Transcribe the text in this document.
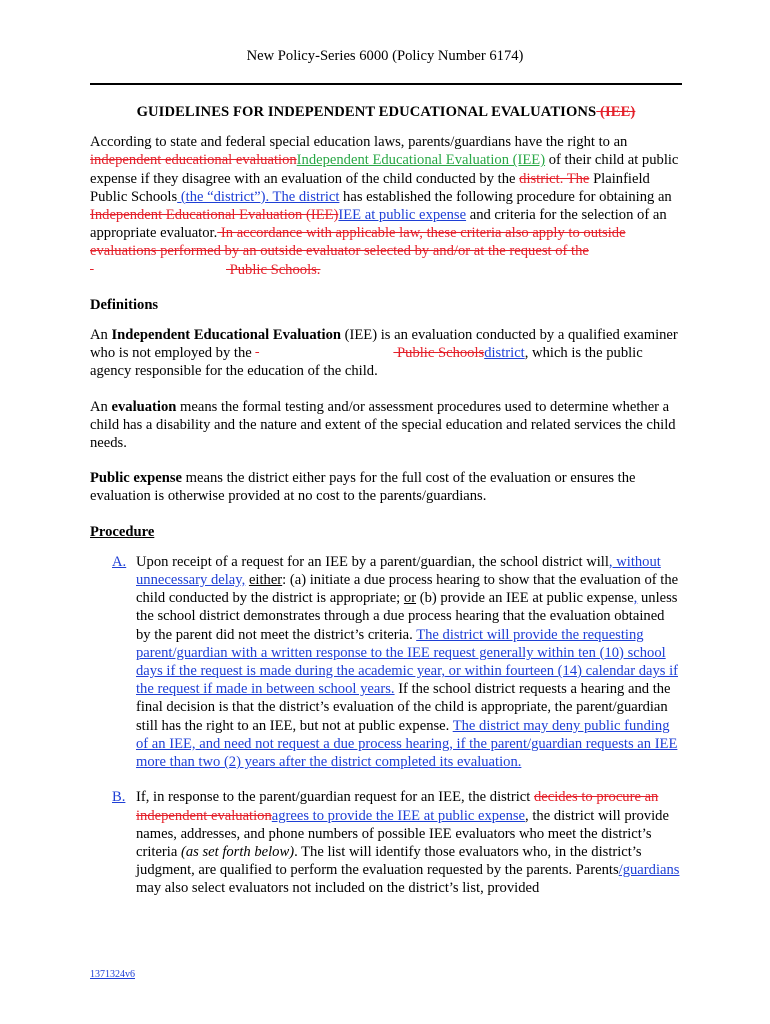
New Policy-Series 6000 (Policy Number 6174)
GUIDELINES FOR INDEPENDENT EDUCATIONAL EVALUATIONS (IEE)

According to state and federal special education laws, parents/guardians have the right to an independent educational evaluationIndependent Educational Evaluation (IEE) of their child at public expense if they disagree with an evaluation of the child conducted by the district. The Plainfield Public Schools (the “district”). The district has established the following procedure for obtaining an Independent Educational Evaluation (IEE)IEE at public expense and criteria for the selection of an appropriate evaluator. In accordance with applicable law, these criteria also apply to outside evaluations performed by an outside evaluator selected by and/or at the request of the   Public Schools.

Definitions

An Independent Educational Evaluation (IEE) is an evaluation conducted by a qualified examiner who is not employed by the	Public Schoolsdistrict, which is the public agency responsible for the education of the child.

An evaluation means the formal testing and/or assessment procedures used to determine whether a child has a disability and the nature and extent of the special education and related services the child needs.

Public expense means the district either pays for the full cost of the evaluation or ensures the evaluation is otherwise provided at no cost to the parents/guardians.

Procedure
A. Upon receipt of a request for an IEE by a parent/guardian, the school district will, without unnecessary delay, either: (a) initiate a due process hearing to show that the evaluation of the child conducted by the district is appropriate; or (b) provide an IEE at public expense, unless the school district demonstrates through a due process hearing that the evaluation obtained by the parent did not meet the district’s criteria. The district will provide the requesting parent/guardian with a written response to the IEE request generally within ten (10) school days if the request is made during the academic year, or within fourteen (14) calendar days if the request if made in between school years. If the school district requests a hearing and the final decision is that the district’s evaluation of the child is appropriate, the parent/guardian still has the right to an IEE, but not at public expense. The district may deny public funding of an IEE, and need not request a due process hearing, if the parent/guardian requests an IEE more than two (2) years after the district completed its evaluation.
B. If, in response to the parent/guardian request for an IEE, the district decides to procure an independent evaluationagrees to provide the IEE at public expense, the district will provide names, addresses, and phone numbers of possible IEE evaluators who meet the district’s criteria (as set forth below). The list will identify those evaluators who, in the district’s judgment, are qualified to perform the evaluation requested by the parents. Parents/guardians may also select evaluators not included on the district’s list, provided
1371324v6
